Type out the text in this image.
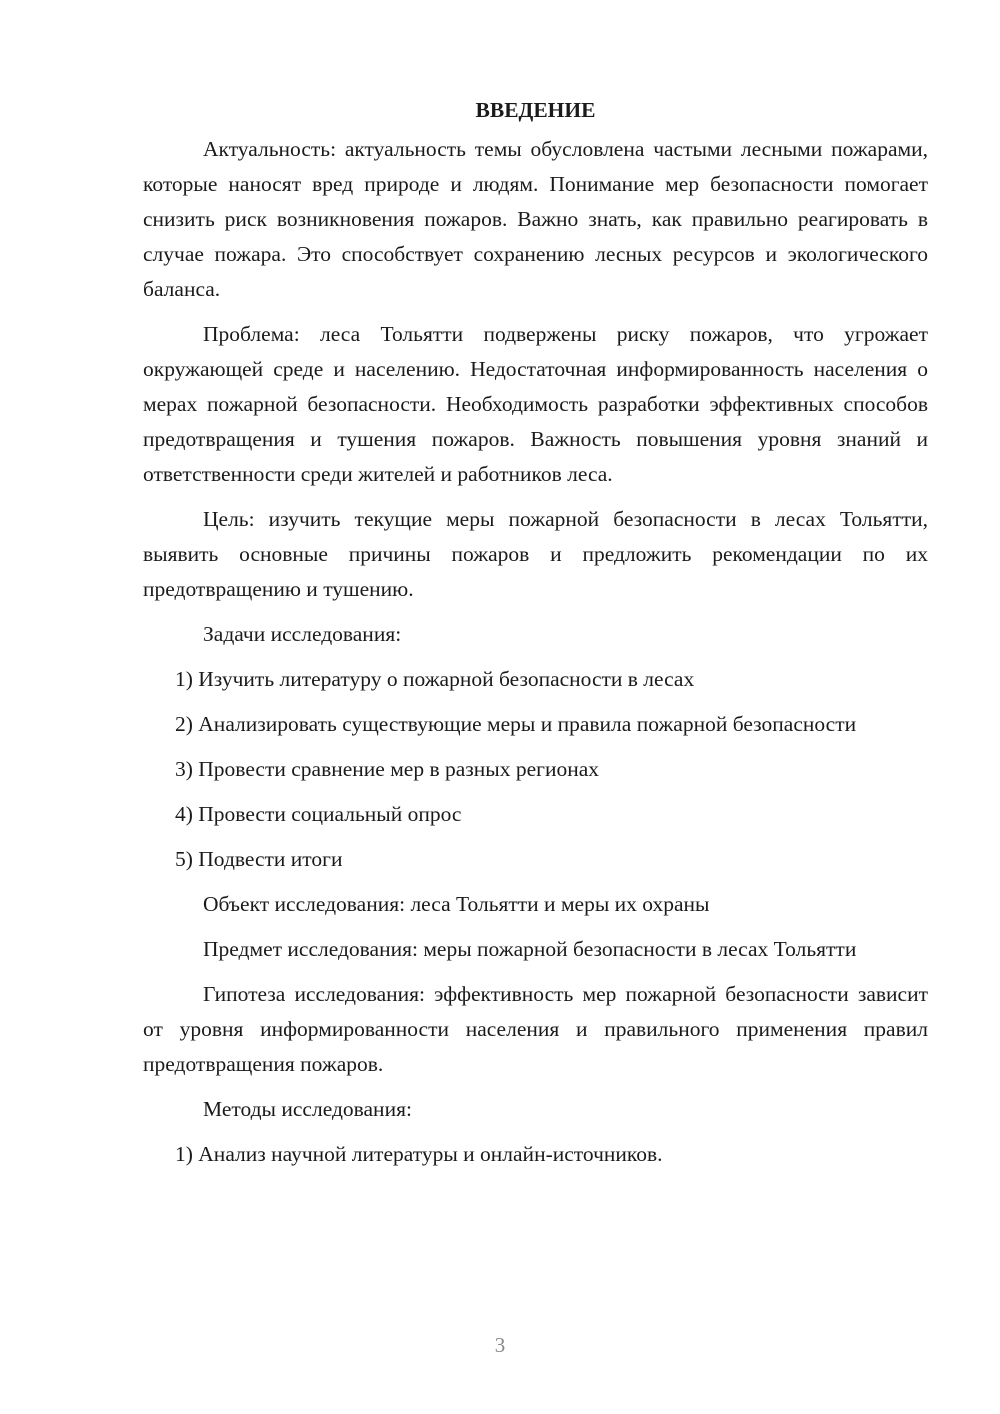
ВВЕДЕНИЕ

Актуальность: актуальность темы обусловлена частыми лесными пожарами, которые наносят вред природе и людям. Понимание мер безопасности помогает снизить риск возникновения пожаров. Важно знать, как правильно реагировать в случае пожара. Это способствует сохранению лесных ресурсов и экологического баланса.

Проблема: леса Тольятти подвержены риску пожаров, что угрожает окружающей среде и населению. Недостаточная информированность населения о мерах пожарной безопасности. Необходимость разработки эффективных способов предотвращения и тушения пожаров. Важность повышения уровня знаний и ответственности среди жителей и работников леса.

Цель: изучить текущие меры пожарной безопасности в лесах Тольятти, выявить основные причины пожаров и предложить рекомендации по их предотвращению и тушению.

Задачи исследования:

1) Изучить литературу о пожарной безопасности в лесах

2) Анализировать существующие меры и правила пожарной безопасности

3) Провести сравнение мер в разных регионах

4) Провести социальный опрос

5) Подвести итоги

Объект исследования: леса Тольятти и меры их охраны

Предмет исследования: меры пожарной безопасности в лесах Тольятти

Гипотеза исследования: эффективность мер пожарной безопасности зависит от уровня информированности населения и правильного применения правил предотвращения пожаров.

Методы исследования:

1) Анализ научной литературы и онлайн-источников.

3
